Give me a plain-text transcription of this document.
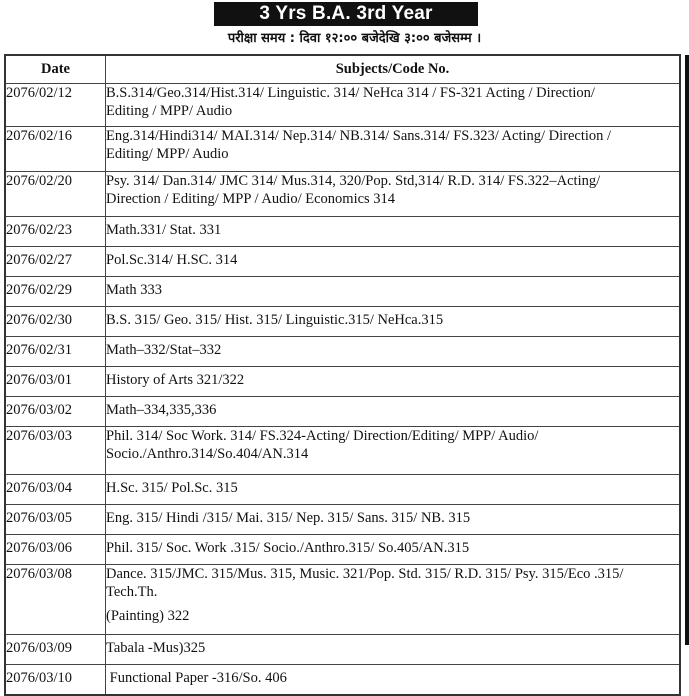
3 Yrs B.A. 3rd Year
परीक्षा समय : दिवा १२:०० बजेदेखि ३:०० बजेसम्म ।
Date	Subjects/Code No.
2076/02/12	B.S.314/Geo.314/Hist.314/ Linguistic. 314/ NeHca 314 / FS-321 Acting / Direction/
Editing / MPP/ Audio

2076/02/16	Eng.314/Hindi314/ MAI.314/ Nep.314/ NB.314/ Sans.314/ FS.323/ Acting/ Direction /
Editing/ MPP/ Audio

2076/02/20	Psy. 314/ Dan.314/ JMC 314/ Mus.314, 320/Pop. Std,314/ R.D. 314/ FS.322–Acting/
Direction / Editing/ MPP / Audio/ Economics 314

2076/02/23	Math.331/ Stat. 331

2076/02/27	Pol.Sc.314/ H.SC. 314

2076/02/29	Math 333

2076/02/30	B.S. 315/ Geo. 315/ Hist. 315/ Linguistic.315/ NeHca.315

2076/02/31	Math–332/Stat–332

2076/03/01	History of Arts 321/322

2076/03/02	Math–334,335,336

2076/03/03	Phil. 314/ Soc Work. 314/ FS.324-Acting/ Direction/Editing/ MPP/ Audio/
Socio./Anthro.314/So.404/AN.314

2076/03/04	H.Sc. 315/ Pol.Sc. 315

2076/03/05	Eng. 315/ Hindi /315/ Mai. 315/ Nep. 315/ Sans. 315/ NB. 315

2076/03/06	Phil. 315/ Soc. Work .315/ Socio./Anthro.315/ So.405/AN.315

2076/03/08	Dance. 315/JMC. 315/Mus. 315, Music. 321/Pop. Std. 315/ R.D. 315/ Psy. 315/Eco .315/
Tech.Th.
(Painting) 322

2076/03/09	Tabala -Mus)325

2076/03/10	Functional Paper -316/So. 406
